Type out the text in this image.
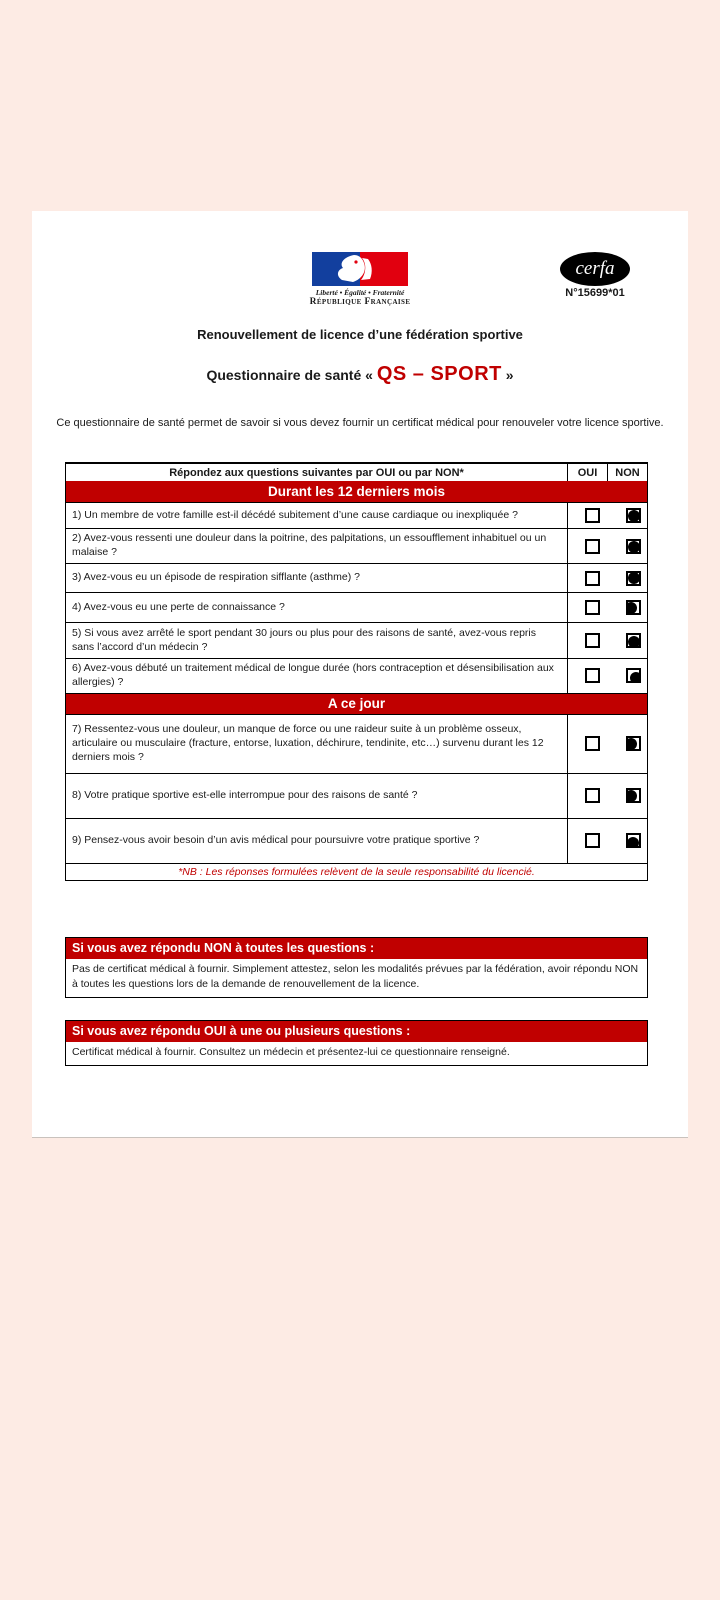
Liberté • Égalité • Fraternité
République Française
cerfa
N°15699*01
Renouvellement de licence d’une fédération sportive
Questionnaire de santé « QS – SPORT »
Ce questionnaire de santé permet de savoir si vous devez fournir un certificat médical pour renouveler votre licence sportive.
Répondez aux questions suivantes par OUI ou par NON*	OUI	NON
Durant les 12 derniers mois
1) Un membre de votre famille est-il décédé subitement d’une cause cardiaque ou inexpliquée ?
2) Avez-vous ressenti une douleur dans la poitrine, des palpitations, un essoufflement inhabituel ou un malaise ?
3) Avez-vous eu un épisode de respiration sifflante (asthme) ?
4) Avez-vous eu une perte de connaissance ?
5) Si vous avez arrêté le sport pendant 30 jours ou plus pour des raisons de santé, avez-vous repris sans l’accord d’un médecin ?
6) Avez-vous débuté un traitement médical de longue durée (hors contraception et désensibilisation aux allergies) ?
A ce jour
7) Ressentez-vous une douleur, un manque de force ou une raideur suite à un problème osseux, articulaire ou musculaire (fracture, entorse, luxation, déchirure, tendinite, etc…) survenu durant les 12 derniers mois ?
8) Votre pratique sportive est-elle interrompue pour des raisons de santé ?
9) Pensez-vous avoir besoin d’un avis médical pour poursuivre votre pratique sportive ?
*NB : Les réponses formulées relèvent de la seule responsabilité du licencié.
Si vous avez répondu NON à toutes les questions :
Pas de certificat médical à fournir. Simplement attestez, selon les modalités prévues par la fédération, avoir répondu NON à toutes les questions lors de la demande de renouvellement de la licence.
Si vous avez répondu OUI à une ou plusieurs questions :
Certificat médical à fournir. Consultez un médecin et présentez-lui ce questionnaire renseigné.
